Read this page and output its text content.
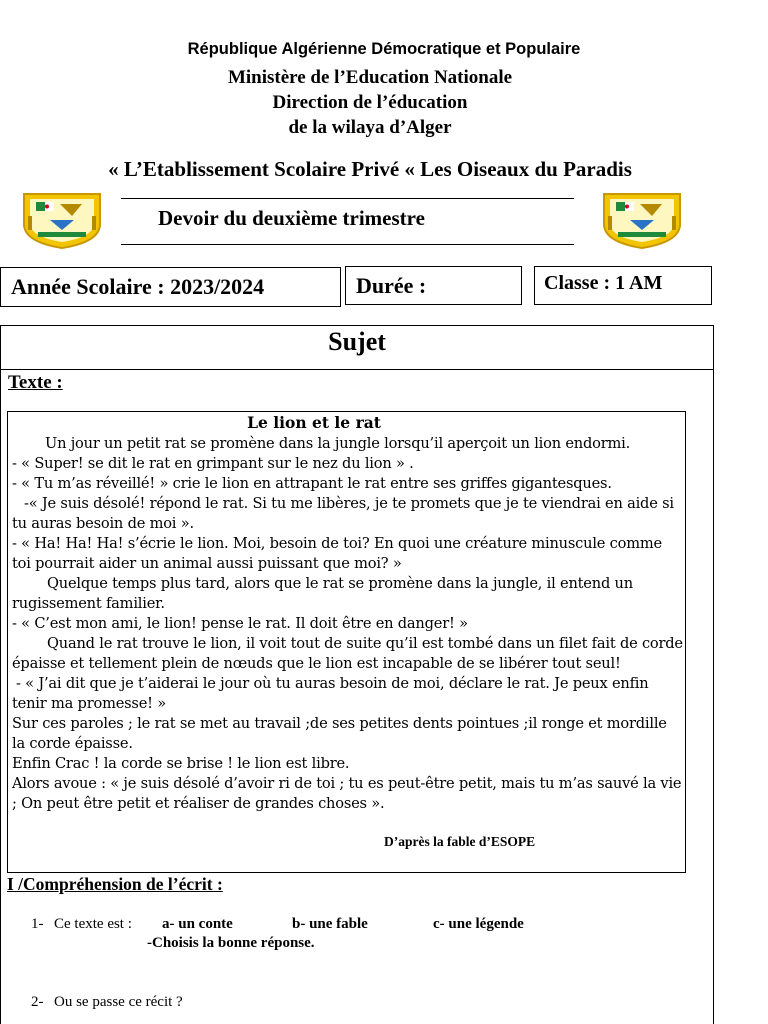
République Algérienne Démocratique et Populaire
Ministère de l’Education Nationale
Direction de l’éducation
de la wilaya d’Alger
« L’Etablissement Scolaire Privé « Les Oiseaux du Paradis
Devoir du deuxième trimestre
Année Scolaire : 2023/2024	Durée :	Classe : 1 AM
Sujet
Texte :
Le lion et le rat

Un jour un petit rat se promène dans la jungle lorsqu’il aperçoit un lion endormi.

- « Super! se dit le rat en grimpant sur le nez du lion » .

- « Tu m’as réveillé! » crie le lion en attrapant le rat entre ses griffes gigantesques.

-« Je suis désolé! répond le rat. Si tu me libères, je te promets que je te viendrai en aide si tu auras besoin de moi ».

- « Ha! Ha! Ha! s’écrie le lion. Moi, besoin de toi? En quoi une créature minuscule comme toi pourrait aider un animal aussi puissant que moi? »

Quelque temps plus tard, alors que le rat se promène dans la jungle, il entend un rugissement familier.

- « C’est mon ami, le lion! pense le rat. Il doit être en danger! »

Quand le rat trouve le lion, il voit tout de suite qu’il est tombé dans un filet fait de corde épaisse et tellement plein de nœuds que le lion est incapable de se libérer tout seul!

- « J’ai dit que je t’aiderai le jour où tu auras besoin de moi, déclare le rat. Je peux enfin tenir ma promesse! »

Sur ces paroles ; le rat se met au travail ;de ses petites dents pointues ;il ronge et mordille la corde épaisse.

Enfin Crac ! la corde se brise ! le lion est libre.

Alors avoue : « je suis désolé d’avoir ri de toi ; tu es peut-être petit, mais tu m’as sauvé la vie ; On peut être petit et réaliser de grandes choses ».

D’après la fable d’ESOPE
I /Compréhension de l’écrit :
1- Ce texte est : a- un conte	b- une fable	c- une légende
-Choisis la bonne réponse.
2- Ou se passe ce récit ?
